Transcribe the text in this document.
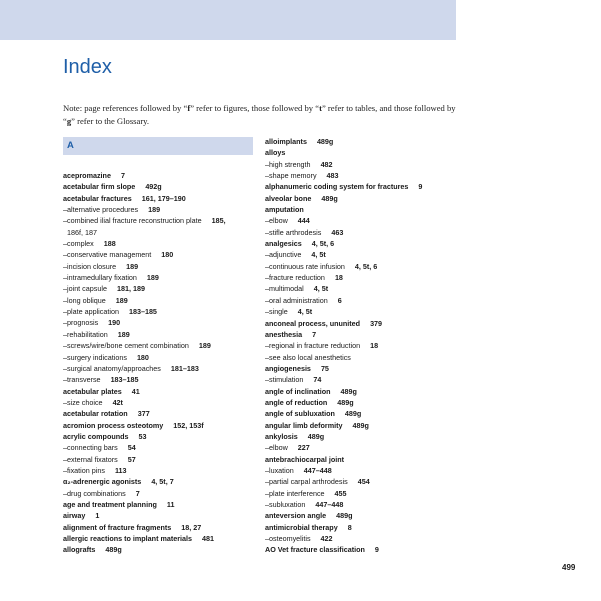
Index

Note: page references followed by “f” refer to figures, those followed by “t” refer to tables, and those followed by “g” refer to the Glossary.

A
acepromazine 7
acetabular firm slope 492g
acetabular fractures 161, 179–190
–alternative procedures 189
–combined ilial fracture reconstruction plate 185,
186f, 187
–complex 188
–conservative management 180
–incision closure 189
–intramedullary fixation 189
–joint capsule 181, 189
–long oblique 189
–plate application 183–185
–prognosis 190
–rehabilitation 189
–screws/wire/bone cement combination 189
–surgery indications 180
–surgical anatomy/approaches 181–183
–transverse 183–185
acetabular plates 41
–size choice 42t
acetabular rotation 377
acromion process osteotomy 152, 153f
acrylic compounds 53
–connecting bars 54
–external fixators 57
–fixation pins 113
α₂-adrenergic agonists 4, 5t, 7
–drug combinations 7
age and treatment planning 11
airway 1
alignment of fracture fragments 18, 27
allergic reactions to implant materials 481
allografts 489g
alloimplants 489g
alloys
–high strength 482
–shape memory 483
alphanumeric coding system for fractures 9
alveolar bone 489g
amputation
–elbow 444
–stifle arthrodesis 463
analgesics 4, 5t, 6
–adjunctive 4, 5t
–continuous rate infusion 4, 5t, 6
–fracture reduction 18
–multimodal 4, 5t
–oral administration 6
–single 4, 5t
anconeal process, ununited 379
anesthesia 7
–regional in fracture reduction 18
–see also local anesthetics
angiogenesis 75
–stimulation 74
angle of inclination 489g
angle of reduction 489g
angle of subluxation 489g
angular limb deformity 489g
ankylosis 489g
–elbow 227
antebrachiocarpal joint
–luxation 447–448
–partial carpal arthrodesis 454
–plate interference 455
–subluxation 447–448
anteversion angle 489g
antimicrobial therapy 8
–osteomyelitis 422
AO Vet fracture classification 9
499
